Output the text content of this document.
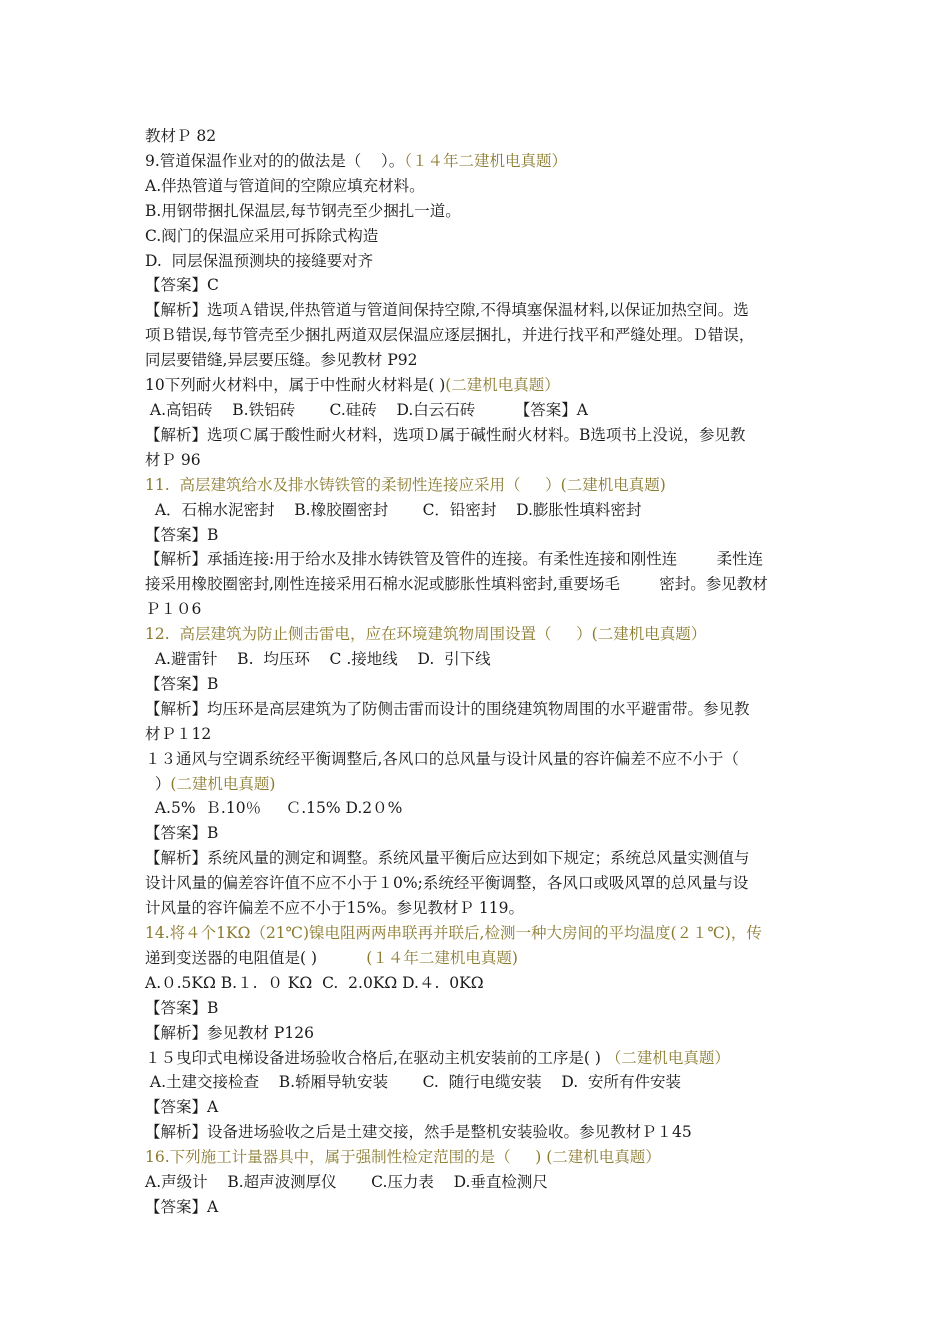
教材Ｐ 82
9.管道保温作业对的的做法是（    ）。（１４年二建机电真题）
A.伴热管道与管道间的空隙应填充材料。
B.用钢带捆扎保温层,每节钢壳至少捆扎一道。
C.阀门的保温应采用可拆除式构造
D.  同层保温预测块的接缝要对齐
【答案】C
【解析】选项Ａ错误,伴热管道与管道间保持空隙,不得填塞保温材料,以保证加热空间。选
项Ｂ错误,每节管壳至少捆扎两道双层保温应逐层捆扎，并进行找平和严缝处理。Ｄ错误，
同层要错缝,异层要压缝。参见教材 P92
10下列耐火材料中，属于中性耐火材料是( )(二建机电真题）
A.高铝砖    B.铁铝砖       C.硅砖    D.白云石砖        【答案】A
【解析】选项Ｃ属于酸性耐火材料，选项Ｄ属于碱性耐火材料。B选项书上没说，参见教
材Ｐ 96
11.  高层建筑给水及排水铸铁管的柔韧性连接应采用（     ）(二建机电真题)
A．石棉水泥密封    B.橡胶圈密封       C．铅密封    D.膨胀性填料密封
【答案】B
【解析】承插连接:用于给水及排水铸铁管及管件的连接。有柔性连接和刚性连        柔性连
接采用橡胶圈密封,刚性连接采用石棉水泥或膨胀性填料密封,重要场毛        密封。参见教材
Ｐ１０6
12.  高层建筑为防止侧击雷电，应在环境建筑物周围设置（     ）(二建机电真题）
A.避雷针    B.  均压环    C .接地线    D.  引下线
【答案】B
【解析】均压环是高层建筑为了防侧击雷而设计的围绕建筑物周围的水平避雷带。参见教
材Ｐ１12
１３通风与空调系统经平衡调整后,各风口的总风量与设计风量的容许偏差不应不小于（
）(二建机电真题)
A.5%  Ｂ.10％     Ｃ.15% D.2０%
【答案】B
【解析】系统风量的测定和调整。系统风量平衡后应达到如下规定；系统总风量实测值与
设计风量的偏差容许值不应不小于１0%;系统经平衡调整，各风口或吸风罩的总风量与设
计风量的容许偏差不应不小于15%。参见教材Ｐ 119。
14.将４个1KΩ（21℃)镍电阻两两串联再并联后,检测一种大房间的平均温度(２１℃)，传
递到变送器的电阻值是( )          (１４年二建机电真题)
A.０.5KΩ B.１.  ０ KΩ  C.  2.0KΩ D.４.  0KΩ
【答案】B
【解析】参见教材 P126
１５曳印式电梯设备进场验收合格后,在驱动主机安装前的工序是( ) （二建机电真题）
A.土建交接检查    B.轿厢导轨安装       C.  随行电缆安装    D.  安所有件安装
【答案】A
【解析】设备进场验收之后是土建交接，然手是整机安装验收。参见教材Ｐ１45
16.下列施工计量器具中，属于强制性检定范围的是（     ) (二建机电真题）
A.声级计    B.超声波测厚仪       C.压力表    D.垂直检测尺
【答案】A
